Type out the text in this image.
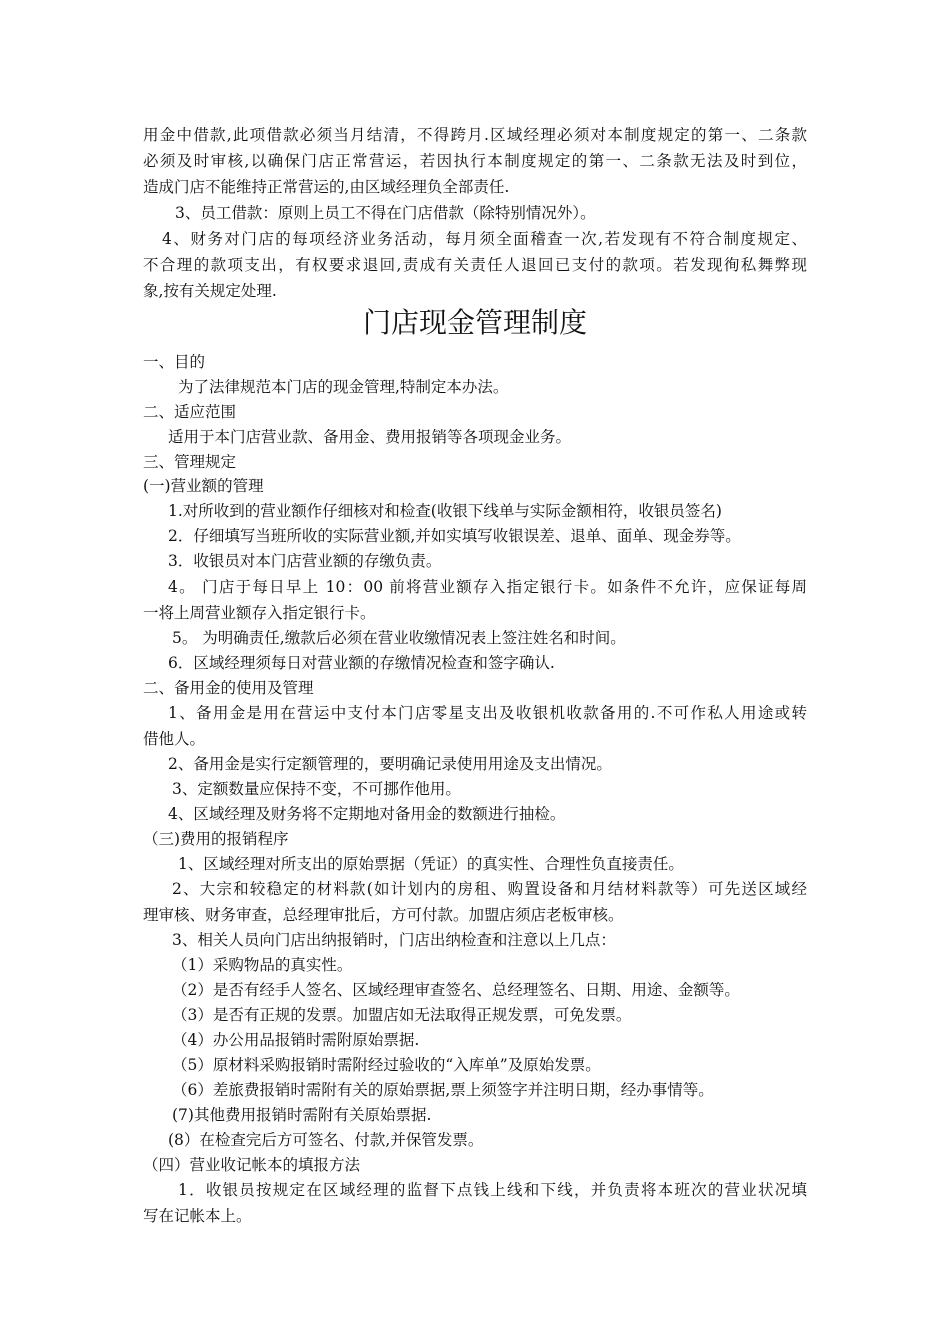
用金中借款,此项借款必须当月结清，不得跨月.区域经理必须对本制度规定的第一、二条款
必须及时审核,以确保门店正常营运，若因执行本制度规定的第一、二条款无法及时到位，
造成门店不能维持正常营运的,由区域经理负全部责任.
3、员工借款：原则上员工不得在门店借款（除特别情况外）。
4、财务对门店的每项经济业务活动，每月须全面稽查一次,若发现有不符合制度规定、
不合理的款项支出，有权要求退回,责成有关责任人退回已支付的款项。若发现徇私舞弊现
象,按有关规定处理.
门店现金管理制度
一、目的
为了法律规范本门店的现金管理,特制定本办法。
二、适应范围
适用于本门店营业款、备用金、费用报销等各项现金业务。
三、管理规定
(一)营业额的管理
1.对所收到的营业额作仔细核对和检查(收银下线单与实际金额相符，收银员签名)
2．仔细填写当班所收的实际营业额,并如实填写收银误差、退单、面单、现金券等。
3．收银员对本门店营业额的存缴负责。
4。 门店于每日早上 10：00 前将营业额存入指定银行卡。如条件不允许，应保证每周
一将上周营业额存入指定银行卡。
5。 为明确责任,缴款后必须在营业收缴情况表上签注姓名和时间。
6．区域经理须每日对营业额的存缴情况检查和签字确认.
二、备用金的使用及管理
1、备用金是用在营运中支付本门店零星支出及收银机收款备用的.不可作私人用途或转
借他人。
2、备用金是实行定额管理的，要明确记录使用用途及支出情况。
3、定额数量应保持不变，不可挪作他用。
4、区域经理及财务将不定期地对备用金的数额进行抽检。
（三)费用的报销程序
1、区域经理对所支出的原始票据（凭证）的真实性、合理性负直接责任。
2、大宗和较稳定的材料款(如计划内的房租、购置设备和月结材料款等）可先送区域经
理审核、财务审查，总经理审批后，方可付款。加盟店须店老板审核。
3、相关人员向门店出纳报销时，门店出纳检查和注意以上几点：
（1）采购物品的真实性。
（2）是否有经手人签名、区域经理审查签名、总经理签名、日期、用途、金额等。
（3）是否有正规的发票。加盟店如无法取得正规发票，可免发票。
（4）办公用品报销时需附原始票据.
（5）原材料采购报销时需附经过验收的“入库单”及原始发票。
（6）差旅费报销时需附有关的原始票据,票上须签字并注明日期，经办事情等。
(7)其他费用报销时需附有关原始票据.
(8）在检查完后方可签名、付款,并保管发票。
（四）营业收记帐本的填报方法
1．收银员按规定在区域经理的监督下点钱上线和下线，并负责将本班次的营业状况填
写在记帐本上。
